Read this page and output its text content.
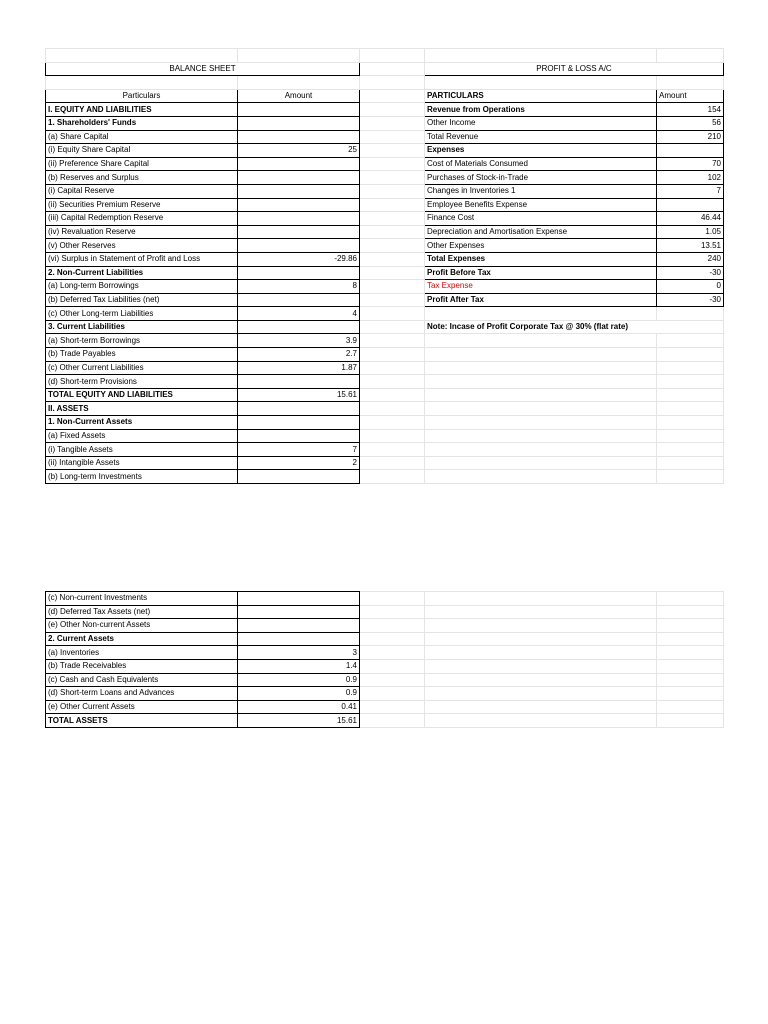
BALANCE SHEET			PROFIT & LOSS A/C	

Particulars	Amount		PARTICULARS	Amount
I. EQUITY AND LIABILITIES			Revenue from Operations	154
1. Shareholders' Funds			Other Income	56
(a) Share Capital			Total Revenue	210
(i) Equity Share Capital	25		Expenses	
(ii) Preference Share Capital			Cost of Materials Consumed	70
(b) Reserves and Surplus			Purchases of Stock-in-Trade	102
(i) Capital Reserve			Changes in Inventories 1	7
(ii) Securities Premium Reserve			Employee Benefits Expense	
(iii) Capital Redemption Reserve			Finance Cost	46.44
(iv) Revaluation Reserve			Depreciation and Amortisation Expense	1.05
(v) Other Reserves			Other Expenses	13.51
(vi) Surplus in Statement of Profit and Loss	-29.86		Total Expenses	240
2. Non-Current Liabilities			Profit Before Tax	-30
(a) Long-term Borrowings	8		Tax Expense	0
(b) Deferred Tax Liabilities (net)			Profit After Tax	-30
(c) Other Long-term Liabilities	4			
3. Current Liabilities			Note: Incase of Profit Corporate Tax @ 30% (flat rate)	
(a) Short-term Borrowings	3.9			
(b) Trade Payables	2.7			
(c) Other Current Liabilities	1.87			
(d) Short-term Provisions				
TOTAL EQUITY AND LIABILITIES	15.61			
II. ASSETS				
1. Non-Current Assets				
(a) Fixed Assets				
(i) Tangible Assets	7			
(ii) Intangible Assets	2			
(b) Long-term Investments				
(c) Non-current Investments				
(d) Deferred Tax Assets (net)				
(e) Other Non-current Assets				
2. Current Assets				
(a) Inventories	3			
(b) Trade Receivables	1.4			
(c) Cash and Cash Equivalents	0.9			
(d) Short-term Loans and Advances	0.9			
(e) Other Current Assets	0.41			
TOTAL ASSETS	15.61			
